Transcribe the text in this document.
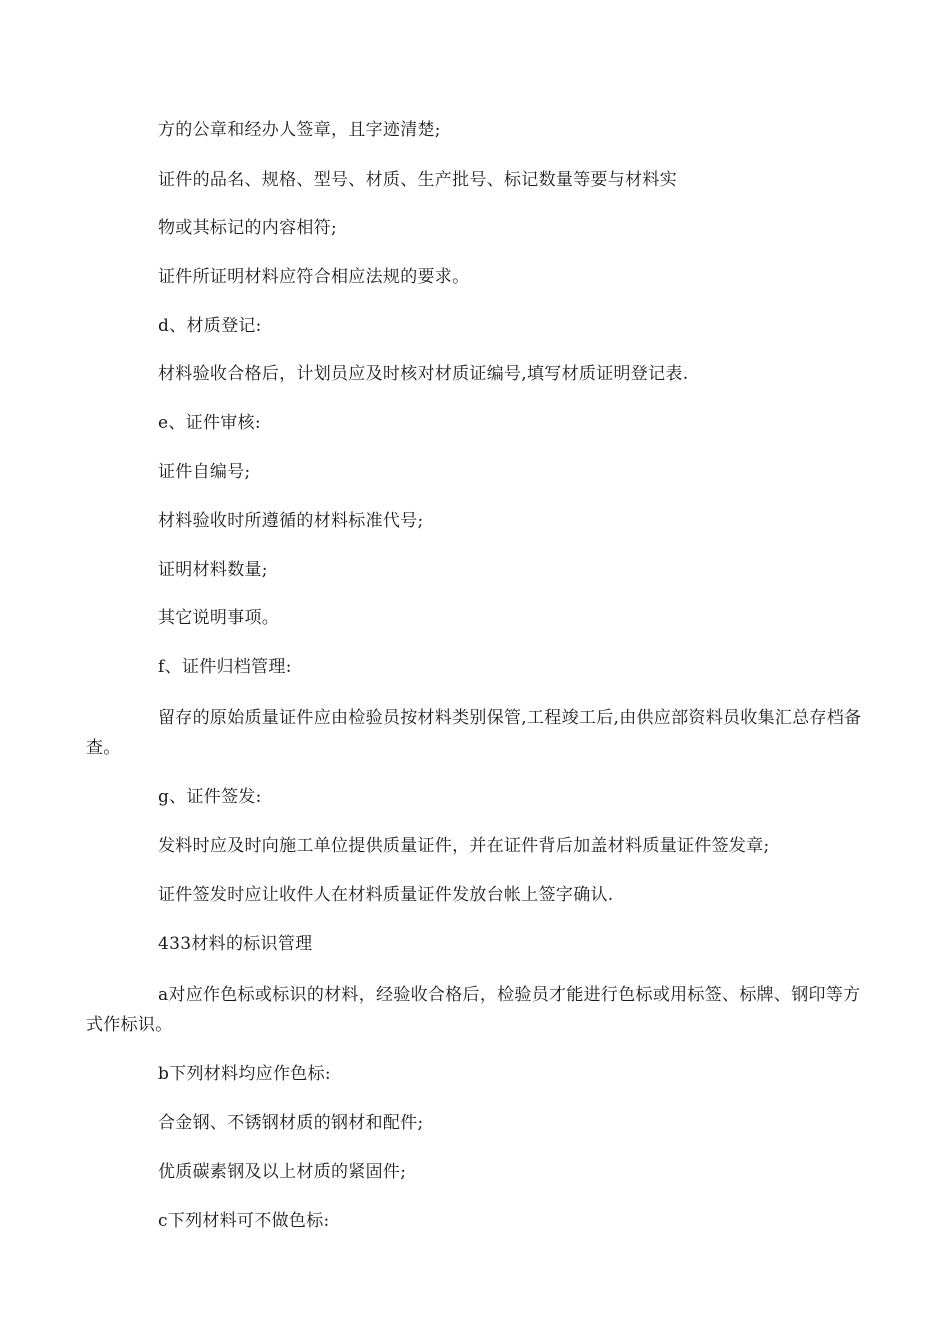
方的公章和经办人签章，且字迹清楚;
证件的品名、规格、型号、材质、生产批号、标记数量等要与材料实
物或其标记的内容相符;
证件所证明材料应符合相应法规的要求。
d、材质登记:
材料验收合格后，计划员应及时核对材质证编号,填写材质证明登记表.
e、证件审核:
证件自编号;
材料验收时所遵循的材料标准代号;
证明材料数量;
其它说明事项。
f、证件归档管理:
留存的原始质量证件应由检验员按材料类别保管,工程竣工后,由供应部资料员收集汇总存档备查。
g、证件签发:
发料时应及时向施工单位提供质量证件，并在证件背后加盖材料质量证件签发章;
证件签发时应让收件人在材料质量证件发放台帐上签字确认.
433材料的标识管理
a对应作色标或标识的材料，经验收合格后，检验员才能进行色标或用标签、标牌、钢印等方式作标识。
b下列材料均应作色标:
合金钢、不锈钢材质的钢材和配件;
优质碳素钢及以上材质的紧固件;
c下列材料可不做色标:
